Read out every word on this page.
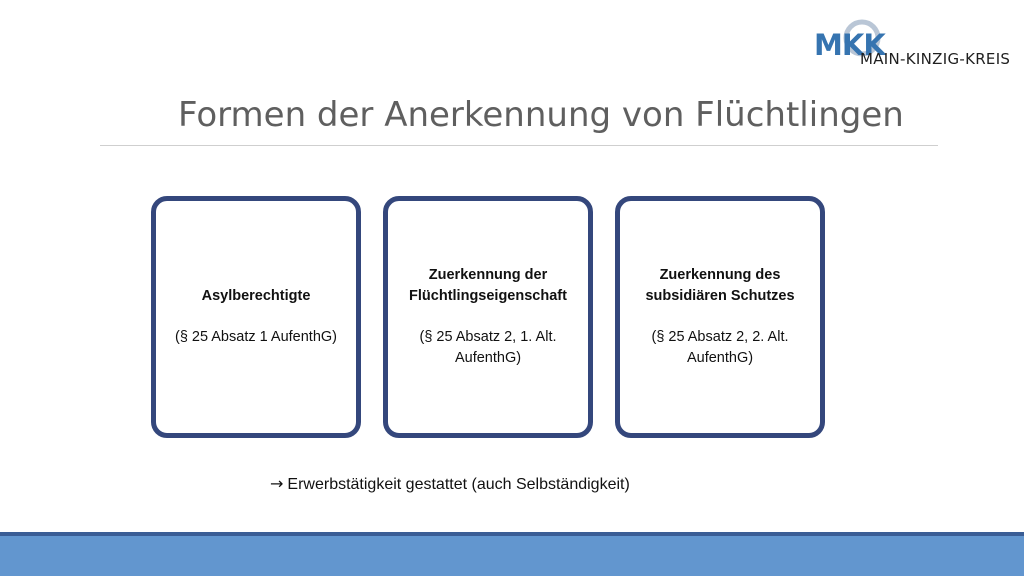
MKK
MAIN-KINZIG-KREIS
Formen der Anerkennung von Flüchtlingen

Asylberechtigte

(§ 25 Absatz 1 AufenthG)

Zuerkennung der Flüchtlingseigenschaft

(§ 25 Absatz 2, 1. Alt. AufenthG)

Zuerkennung des subsidiären Schutzes

(§ 25 Absatz 2, 2. Alt. AufenthG)

→ Erwerbstätigkeit gestattet (auch Selbständigkeit)
